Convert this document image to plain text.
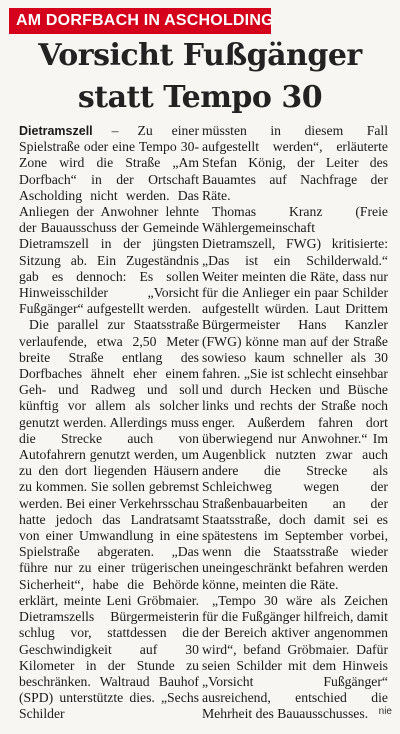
AM DORFBACH IN ASCHOLDING
Vorsicht Fußgänger
statt Tempo 30

Dietramszell – Zu einer Spielstraße oder eine Tempo 30-Zone wird die Straße „Am Dorfbach“ in der Ortschaft Ascholding nicht werden. Das Anliegen der Anwohner lehnte der Bauausschuss der Gemeinde Dietramszell in der jüngsten Sitzung ab. Ein Zugeständnis gab es dennoch: Es sollen Hinweisschilder „Vorsicht Fußgänger“ aufgestellt werden.

Die parallel zur Staatsstraße verlaufende, etwa 2,50 Meter breite Straße entlang des Dorfbaches ähnelt eher einem Geh- und Radweg und soll künftig vor allem als solcher genutzt werden. Allerdings muss die Strecke auch von Autofahrern genutzt werden, um zu den dort liegenden Häusern zu kommen. Sie sollen gebremst werden. Bei einer Verkehrsschau hatte jedoch das Landratsamt von einer Umwandlung in eine Spielstraße abgeraten. „Das führe nur zu einer trügerischen Sicherheit“, habe die Behörde erklärt, meinte Leni Gröbmaier. Dietramszells Bürgermeisterin schlug vor, stattdessen die Geschwindigkeit auf 30 Kilometer in der Stunde zu beschränken. Waltraud Bauhof (SPD) unterstützte dies. „Sechs Schilder

müssten in diesem Fall aufgestellt werden“, erläuterte Stefan König, der Leiter des Bauamtes auf Nachfrage der Räte.

Thomas Kranz (Freie Wählergemeinschaft Dietramszell, FWG) kritisierte: „Das ist ein Schilderwald.“ Weiter meinten die Räte, dass nur für die Anlieger ein paar Schilder aufgestellt würden. Laut Drittem Bürgermeister Hans Kanzler (FWG) könne man auf der Straße sowieso kaum schneller als 30 fahren. „Sie ist schlecht einsehbar und durch Hecken und Büsche links und rechts der Straße noch enger. Außerdem fahren dort überwiegend nur Anwohner.“ Im Augenblick nutzten zwar auch andere die Strecke als Schleichweg wegen der Straßenbauarbeiten an der Staatsstraße, doch damit sei es spätestens im September vorbei, wenn die Staatsstraße wieder uneingeschränkt befahren werden könne, meinten die Räte.

„Tempo 30 wäre als Zeichen für die Fußgänger hilfreich, damit der Bereich aktiver angenommen wird“, befand Gröbmaier. Dafür seien Schilder mit dem Hinweis „Vorsicht Fußgänger“ ausreichend, entschied die Mehrheit des Bauausschusses.	nie
